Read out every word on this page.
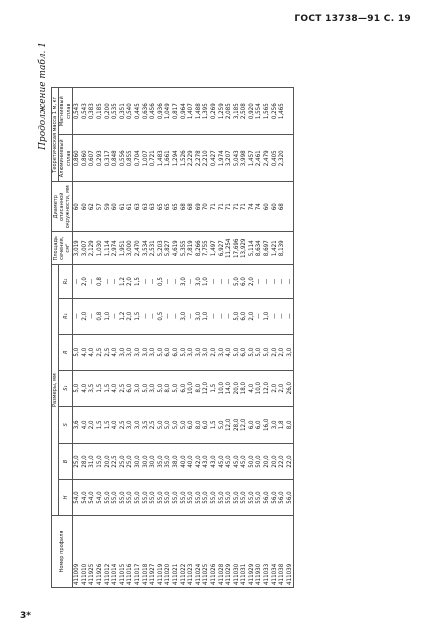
ГОСТ 13738—91 С. 19
3*
Продолжение табл. 1
Номер профиля	Размеры, мм							Площадь сечения, см²	Диаметр описанной окружности, мм	Теоретическая масса 1 м, кг	
	H	B	S	S₁	R	R₁	R₂			Алюминиевый сплав	Магниевый сплав
411009	54,0	25,0	3,6	5,0	5,0	—	—	3,019	60	0,860	0,543
411010	54,0	28,0	4,0	4,0	4,0	2,0	2,0	3,007	60	0,860	0,543
411925	54,0	31,0	2,0	3,5	4,0	—	—	2,129	62	0,607	0,383
411926	54,0	15,0	1,5	1,5	2,5	0,8	0,8	1,030	57	0,293	0,185
411012	55,0	20,0	1,5	1,5	2,5	1,0	—	1,114	59	0,317	0,200
411014	55,0	22,5	4,0	4,0	4,0	—	—	2,974	60	0,848	0,535
411015	55,0	25,0	2,5	2,5	3,0	1,2	1,2	1,951	61	0,556	0,351
411016	55,0	25,0	3,0	6,0	3,0	2,0	2,0	3,000	61	0,855	0,540
411017	55,0	30,0	3,0	3,0	3,0	1,5	1,5	2,470	63	0,704	0,445
411018	55,0	30,0	3,5	5,0	3,0	—	—	3,534	63	1,007	0,636
411927	55,0	30,0	2,5	3,0	3,0	—	—	2,531	63	0,721	0,456
411019	55,0	35,0	5,0	5,0	5,0	0,5	0,5	5,203	65	1,483	0,936
411020	55,0	35,0	5,0	8,0	6,0	—	—	5,827	65	1,661	1,049
411021	55,0	38,0	5,0	5,0	6,0	—	—	4,619	65	1,294	0,817
411022	55,0	40,0	5,0	6,0	5,0	3,0	3,0	5,355	68	1,526	0,964
411023	55,0	40,0	6,0	10,0	3,0	—	—	7,819	68	2,229	1,407
411024	55,0	42,0	8,0	8,0	3,0	3,0	3,0	8,266	69	2,278	1,488
411025	55,0	43,0	6,0	12,0	3,0	1,0	1,0	7,755	70	2,210	1,395
411026	55,0	43,0	1,5	1,5	2,0	—	—	1,497	71	0,427	0,269
411028	55,0	45,0	5,0	10,0	3,0	—	—	6,927	71	1,974	1,259
411029	55,0	45,0	12,0	14,0	4,0	—	—	11,254	71	3,207	2,085
411030	55,0	45,0	28,0	20,0	5,0	5,0	5,0	17,696	71	5,043	3,185
411031	55,0	45,0	12,0	18,0	6,0	6,0	6,0	13,929	71	3,998	2,508
411929	55,0	50,0	6,0	4,0	5,0	2,0	2,0	5,114	74	1,457	0,920
411930	55,0	50,0	6,0	10,0	5,0	—	—	8,634	74	2,461	1,554
411033	56,0	20,0	16,0	12,0	5,0	1,0	—	8,697	60	2,479	1,565
411034	56,0	20,0	3,0	2,0	2,0	—	—	1,421	60	0,405	0,256
411038	56,0	22,0	1,8	2,0	2,0	—	—	8,139	68	2,320	1,465
411039	56,0	22,0	8,0	26,0	3,0	—	—				
